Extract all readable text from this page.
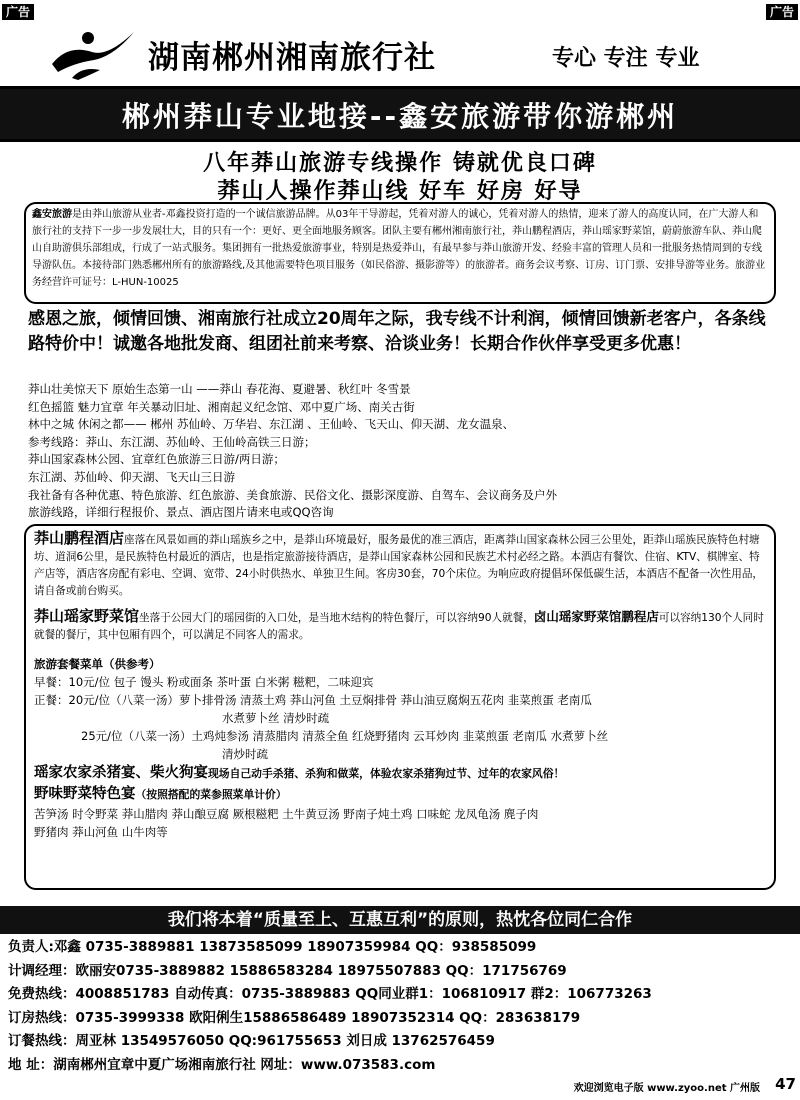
广告	广告
湖南郴州湘南旅行社	专心 专注 专业
郴州莽山专业地接--鑫安旅游带你游郴州
八年莽山旅游专线操作 铸就优良口碑
莽山人操作莽山线 好车 好房 好导
鑫安旅游是由莽山旅游从业者-邓鑫投资打造的一个诚信旅游品牌。从03年干导游起，凭着对游人的诚心，凭着对游人的热情，迎来了游人的高度认同，在广大游人和旅行社的支持下一步一步发展壮大，目的只有一个：更好、更全面地服务顾客。团队主要有郴州湘南旅行社，莽山鹏程酒店，莽山瑶家野菜馆，蔚蔚旅游车队、莽山爬山自助游俱乐部组成，行成了一站式服务。集团拥有一批热爱旅游事业，特别是热爱莽山，有最早参与莽山旅游开发、经验丰富的管理人员和一批服务热情周到的专线导游队伍。本接待部门熟悉郴州所有的旅游路线,及其他需要特色项目服务（如民俗游、摄影游等）的旅游者。商务会议考察、订房、订门票、安排导游等业务。旅游业务经营许可证号：L-HUN-10025
感恩之旅，倾情回馈、湘南旅行社成立20周年之际，我专线不计利润，倾情回馈新老客户，各条线路特价中！诚邀各地批发商、组团社前来考察、洽谈业务！长期合作伙伴享受更多优惠！
莽山壮美惊天下 原始生态第一山 ——莽山 春花海、夏避暑、秋红叶 冬雪景
红色摇篮 魅力宜章 年关暴动旧址、湘南起义纪念馆、邓中夏广场、南关古街
林中之城 休闲之都—— 郴州 苏仙岭、万华岩、东江湖 、王仙岭、飞天山、仰天湖、龙女温泉、
参考线路：莽山、东江湖、苏仙岭、王仙岭高铁三日游；
莽山国家森林公园、宜章红色旅游三日游/两日游；
东江湖、苏仙岭、仰天湖、飞天山三日游
我社备有各种优惠、特色旅游、红色旅游、美食旅游、民俗文化、摄影深度游、自驾车、会议商务及户外
旅游线路，详细行程报价、景点、酒店图片请来电或QQ咨询

莽山鹏程酒店座落在风景如画的莽山瑶族乡之中，是莽山环境最好，服务最优的准三酒店，距离莽山国家森林公园三公里处，距莽山瑶族民族特色村塘坊、道洞6公里，是民族特色村最近的酒店，也是指定旅游接待酒店，是莽山国家森林公园和民族艺术村必经之路。本酒店有餐饮、住宿、KTV、棋牌室、特产店等，酒店客房配有彩电、空调、宽带、24小时供热水、单独卫生间。客房30套，70个床位。为响应政府提倡环保低碳生活，本酒店不配备一次性用品，请自备或前台购买。

莽山瑶家野菜馆坐落于公园大门的瑶园街的入口处，是当地木结构的特色餐厅，可以容纳90人就餐，卤山瑶家野菜馆鹏程店可以容纳130个人同时就餐的餐厅，其中包厢有四个，可以满足不同客人的需求。

旅游套餐菜单（供参考）
早餐：10元/位 包子 馒头 粉或面条 茶叶蛋 白米粥 糍粑，二味迎宾
正餐：20元/位（八菜一汤）萝卜排骨汤 清蒸土鸡 莽山河鱼 土豆焖排骨 莽山油豆腐焖五花肉 韭菜煎蛋 老南瓜
水煮萝卜丝 清炒时疏
25元/位（八菜一汤）土鸡炖参汤 清蒸腊肉 清蒸全鱼 红烧野猪肉 云耳炒肉 韭菜煎蛋 老南瓜 水煮萝卜丝
清炒时疏
瑶家农家杀猪宴、柴火狗宴现场自己动手杀猪、杀狗和做菜，体验农家杀猪狗过节、过年的农家风俗！
野味野菜特色宴（按照搭配的菜参照菜单计价）
苦笋汤 时令野菜 莽山腊肉 莽山酿豆腐 厥根糍粑 土牛黄豆汤 野南子炖土鸡 口味蛇 龙凤龟汤 麂子肉
野猪肉 莽山河鱼 山牛肉等
我们将本着“质量至上、互惠互利”的原则，热忱各位同仁合作
负责人:邓鑫 0735-3889881 13873585099 18907359984 QQ：938585099
计调经理：欧丽安0735-3889882 15886583284 18975507883 QQ：171756769
免费热线：4008851783 自动传真：0735-3889883 QQ同业群1：106810917 群2：106773263
订房热线：0735-3999338 欧阳俐生15886586489 18907352314 QQ：283638179
订餐热线：周亚林 13549576050 QQ:961755653 刘日成 13762576459
地 址：湖南郴州宜章中夏广场湘南旅行社 网址：www.073583.com
欢迎浏览电子版 www.zyoo.net 广州版 47
